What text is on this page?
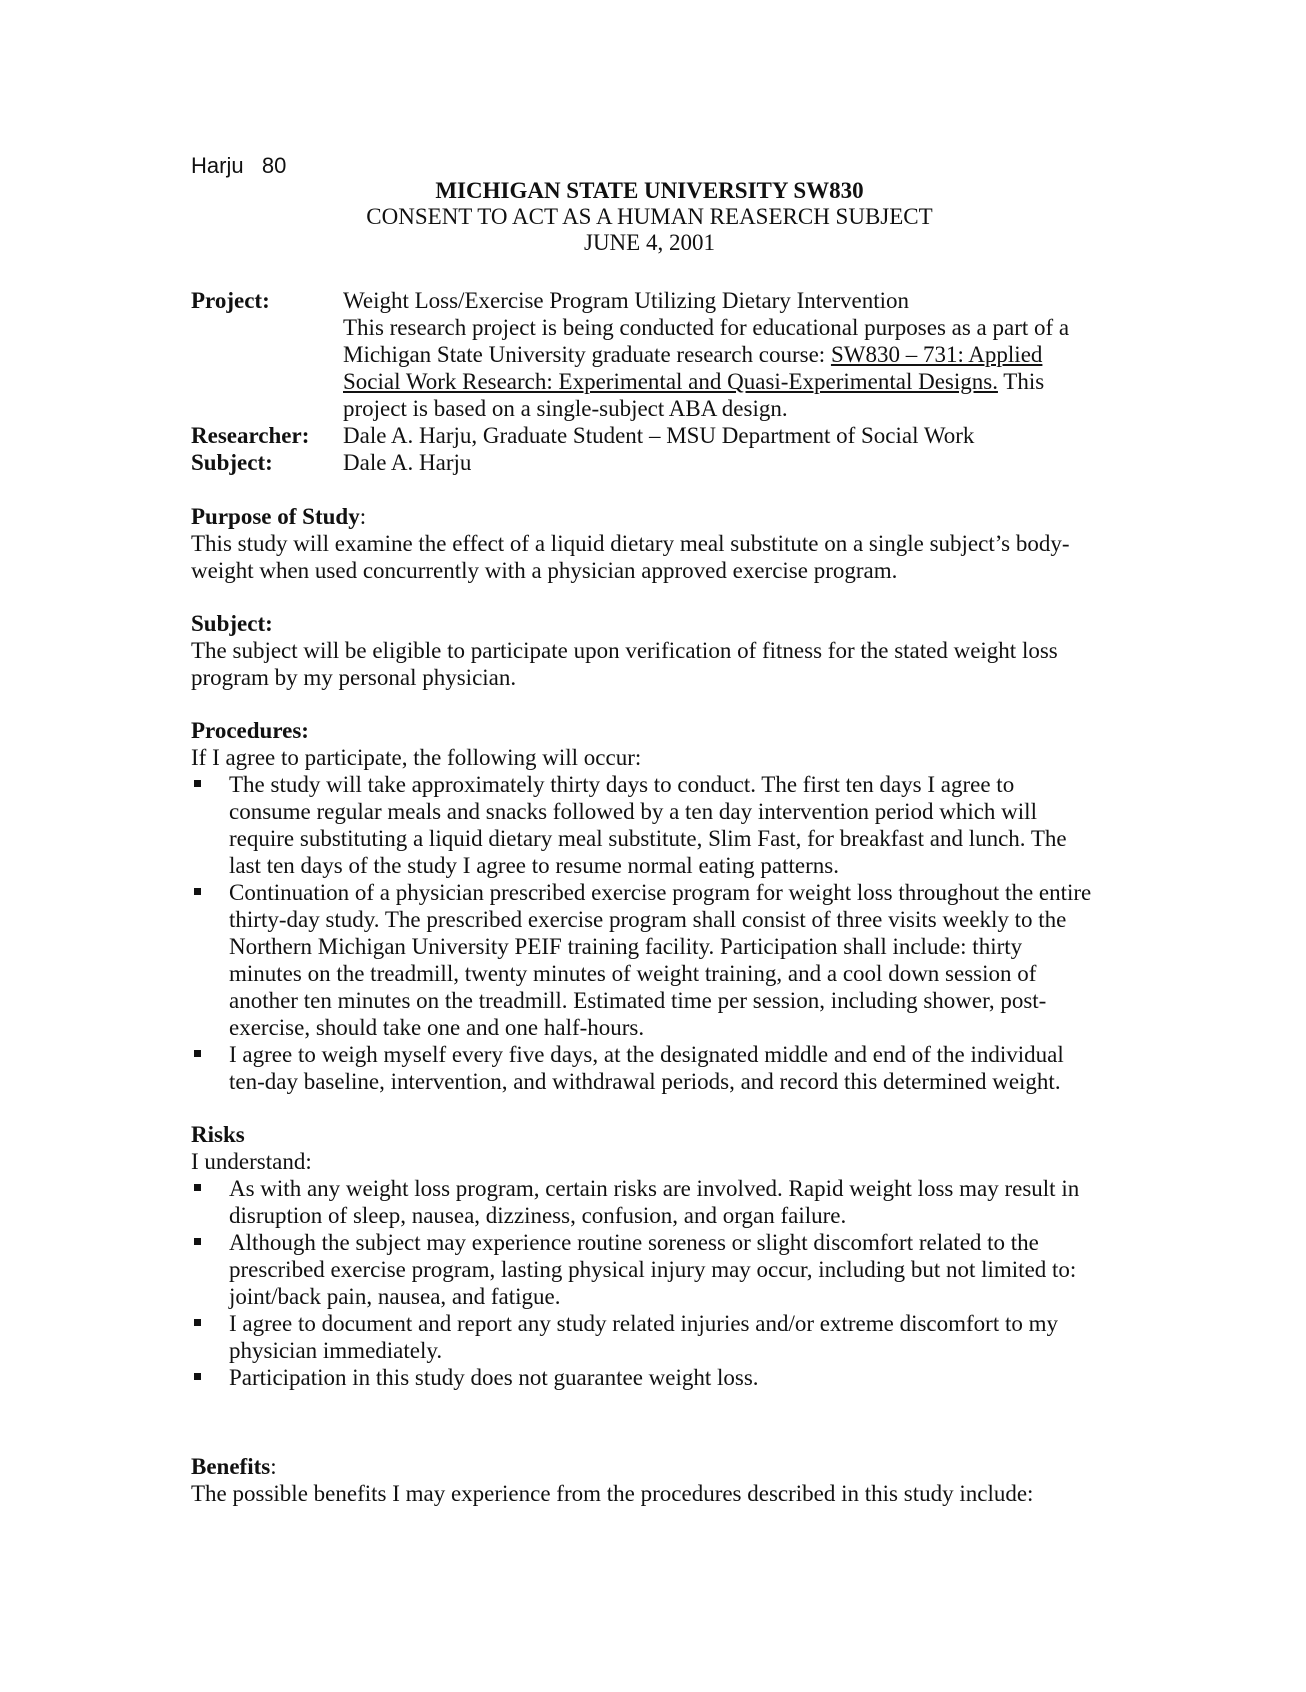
Harju   80
MICHIGAN STATE UNIVERSITY SW830
CONSENT TO ACT AS A HUMAN REASERCH SUBJECT
JUNE 4, 2001
Project:	Weight Loss/Exercise Program Utilizing Dietary Intervention
This research project is being conducted for educational purposes as a part of a
Michigan State University graduate research course: SW830 – 731: Applied
Social Work Research: Experimental and Quasi-Experimental Designs. This
project is based on a single-subject ABA design.
Researcher:	Dale A. Harju, Graduate Student – MSU Department of Social Work
Subject:	Dale A. Harju
Purpose of Study:
This study will examine the effect of a liquid dietary meal substitute on a single subject’s body-
weight when used concurrently with a physician approved exercise program.
Subject:
The subject will be eligible to participate upon verification of fitness for the stated weight loss
program by my personal physician.
Procedures:
If I agree to participate, the following will occur:
The study will take approximately thirty days to conduct. The first ten days I agree to
consume regular meals and snacks followed by a ten day intervention period which will
require substituting a liquid dietary meal substitute, Slim Fast, for breakfast and lunch. The
last ten days of the study I agree to resume normal eating patterns.
Continuation of a physician prescribed exercise program for weight loss throughout the entire
thirty-day study. The prescribed exercise program shall consist of three visits weekly to the
Northern Michigan University PEIF training facility. Participation shall include: thirty
minutes on the treadmill, twenty minutes of weight training, and a cool down session of
another ten minutes on the treadmill. Estimated time per session, including shower, post-
exercise, should take one and one half-hours.
I agree to weigh myself every five days, at the designated middle and end of the individual
ten-day baseline, intervention, and withdrawal periods, and record this determined weight.
Risks
I understand:
As with any weight loss program, certain risks are involved. Rapid weight loss may result in
disruption of sleep, nausea, dizziness, confusion, and organ failure.
Although the subject may experience routine soreness or slight discomfort related to the
prescribed exercise program, lasting physical injury may occur, including but not limited to:
joint/back pain, nausea, and fatigue.
I agree to document and report any study related injuries and/or extreme discomfort to my
physician immediately.
Participation in this study does not guarantee weight loss.
Benefits:
The possible benefits I may experience from the procedures described in this study include:
